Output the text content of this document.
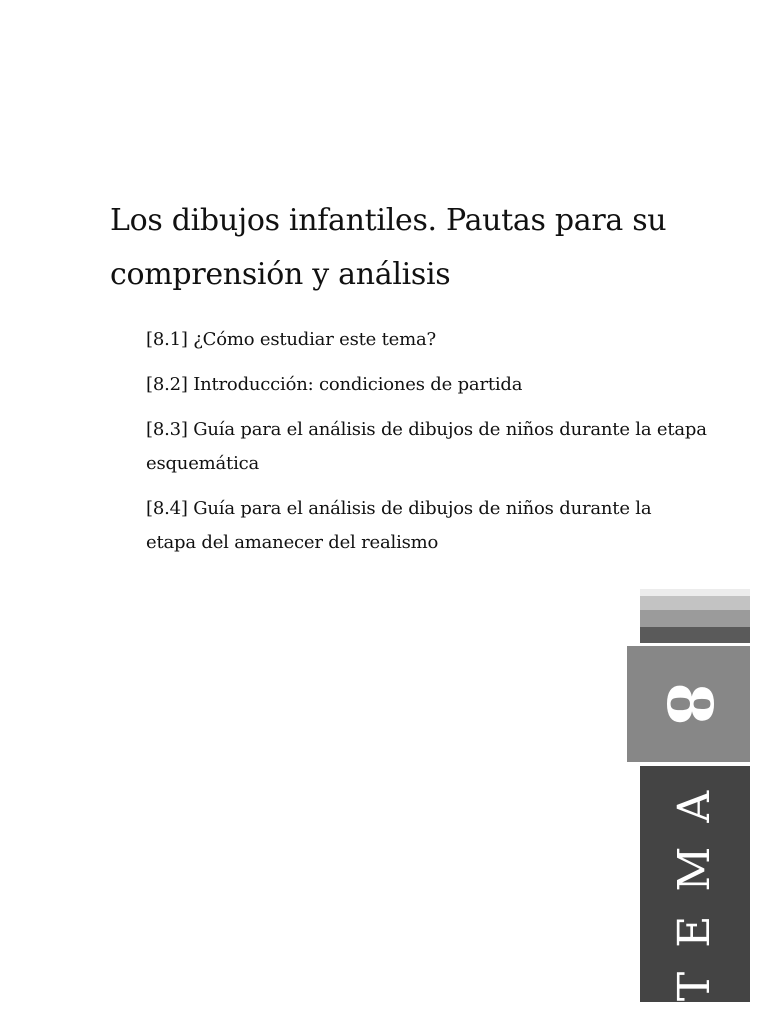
Los dibujos infantiles. Pautas para su comprensión y análisis
[8.1] ¿Cómo estudiar este tema?
[8.2] Introducción: condiciones de partida
[8.3] Guía para el análisis de dibujos de niños durante la etapa esquemática
[8.4] Guía para el análisis de dibujos de niños durante la etapa del amanecer del realismo
8
TEMA
